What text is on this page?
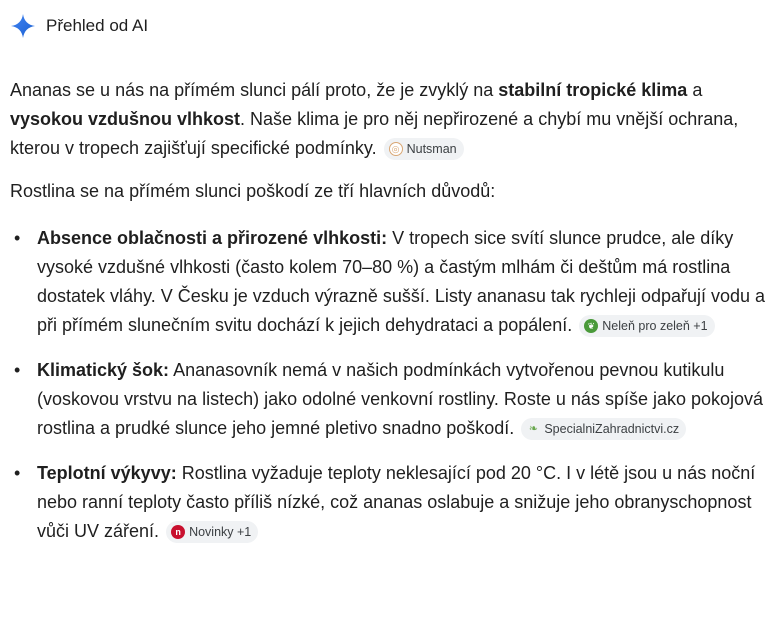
Přehled od AI

Ananas se u nás na přímém slunci pálí proto, že je zvyklý na stabilní tropické klima a vysokou vzdušnou vlhkost. Naše klima je pro něj nepřirozené a chybí mu vnější ochrana, kterou v tropech zajišťují specifické podmínky.	◎ Nutsman

Rostlina se na přímém slunci poškodí ze tří hlavních důvodů:

• Absence oblačnosti a přirozené vlhkosti: V tropech sice svítí slunce prudce, ale díky vysoké vzdušné vlhkosti (často kolem 70–80 %) a častým mlhám či deštům má rostlina dostatek vláhy. V Česku je vzduch výrazně sušší. Listy ananasu tak rychleji odpařují vodu a při přímém slunečním svitu dochází k jejich dehydrataci a popálení.	❦ Neleň pro zeleň +1
• Klimatický šok: Ananasovník nemá v našich podmínkách vytvořenou pevnou kutikulu (voskovou vrstvu na listech) jako odolné venkovní rostliny. Roste u nás spíše jako pokojová rostlina a prudké slunce jeho jemné pletivo snadno poškodí. ❧ SpecialniZahradnictvi.cz
• Teplotní výkyvy: Rostlina vyžaduje teploty neklesající pod 20 °C. I v létě jsou u nás noční nebo ranní teploty často příliš nízké, což ananas oslabuje a snižuje jeho obranyschopnost vůči UV záření.	n Novinky +1
